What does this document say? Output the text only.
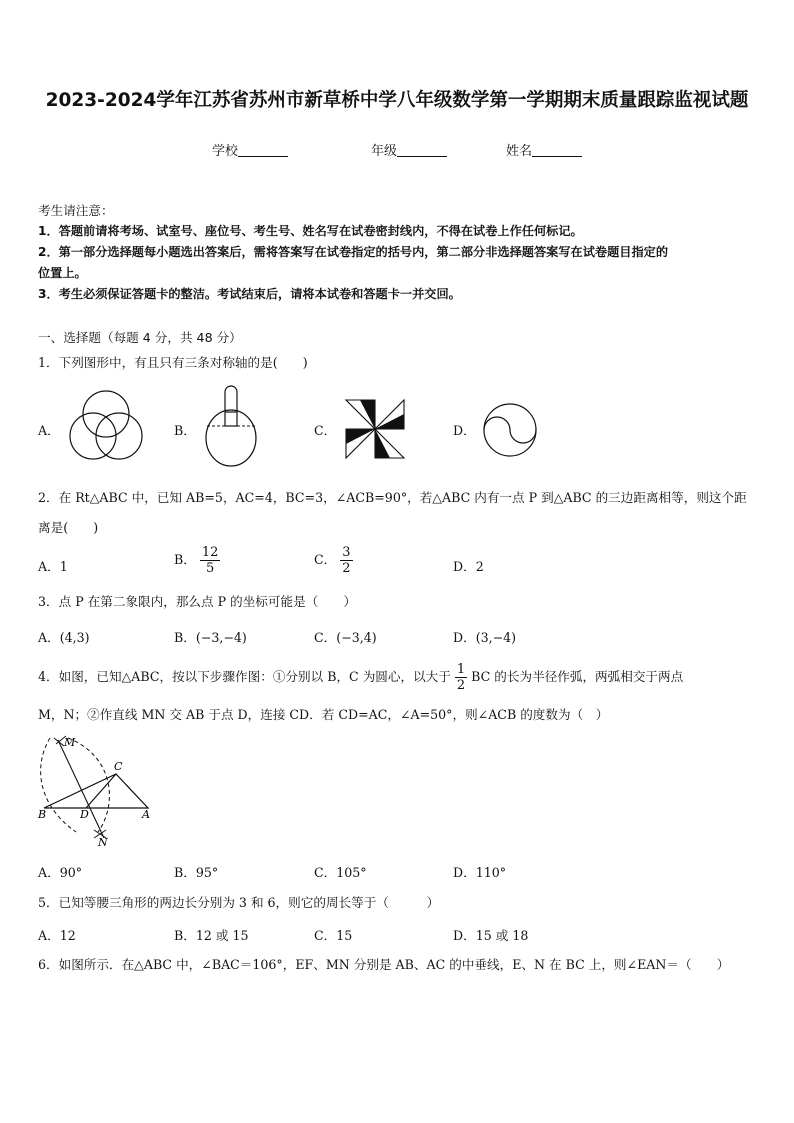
2023-2024学年江苏省苏州市新草桥中学八年级数学第一学期期末质量跟踪监视试题
学校	年级	姓名
考生请注意：
1．答题前请将考场、试室号、座位号、考生号、姓名写在试卷密封线内，不得在试卷上作任何标记。
2．第一部分选择题每小题选出答案后，需将答案写在试卷指定的括号内，第二部分非选择题答案写在试卷题目指定的
位置上。
3．考生必须保证答题卡的整洁。考试结束后，请将本试卷和答题卡一并交回。
一、选择题（每题 4 分，共 48 分）
1．下列图形中，有且只有三条对称轴的是(　　)
A．	B．	C．	D．
2．在 Rt△ABC 中，已知 AB=5，AC=4，BC=3，∠ACB=90°，若△ABC 内有一点 P 到△ABC 的三边距离相等，则这个距
离是(　　)
A．1	B． $\frac{12}{5}$	C． $\frac{3}{2}$	D．2
3．点 P 在第二象限内，那么点 P 的坐标可能是（　　）
A．(4,3)	B．(−3,−4)	C．(−3,4)	D．(3,−4)
4．如图，已知△ABC，按以下步骤作图：①分别以 B，C 为圆心，以大于 $\frac{1}{2}$ BC 的长为半径作弧，两弧相交于两点
M，N；②作直线 MN 交 AB 于点 D，连接 CD．若 CD=AC，∠A=50°，则∠ACB 的度数为（　）
M
N
C
B	D	A
A．90°	B．95°	C．105°	D．110°
5．已知等腰三角形的两边长分别为 3 和 6，则它的周长等于（　　　）
A．12	B．12 或 15	C．15	D．15 或 18
6．如图所示．在△ABC 中，∠BAC＝106°，EF、MN 分别是 AB、AC 的中垂线，E、N 在 BC 上，则∠EAN＝（　　）
